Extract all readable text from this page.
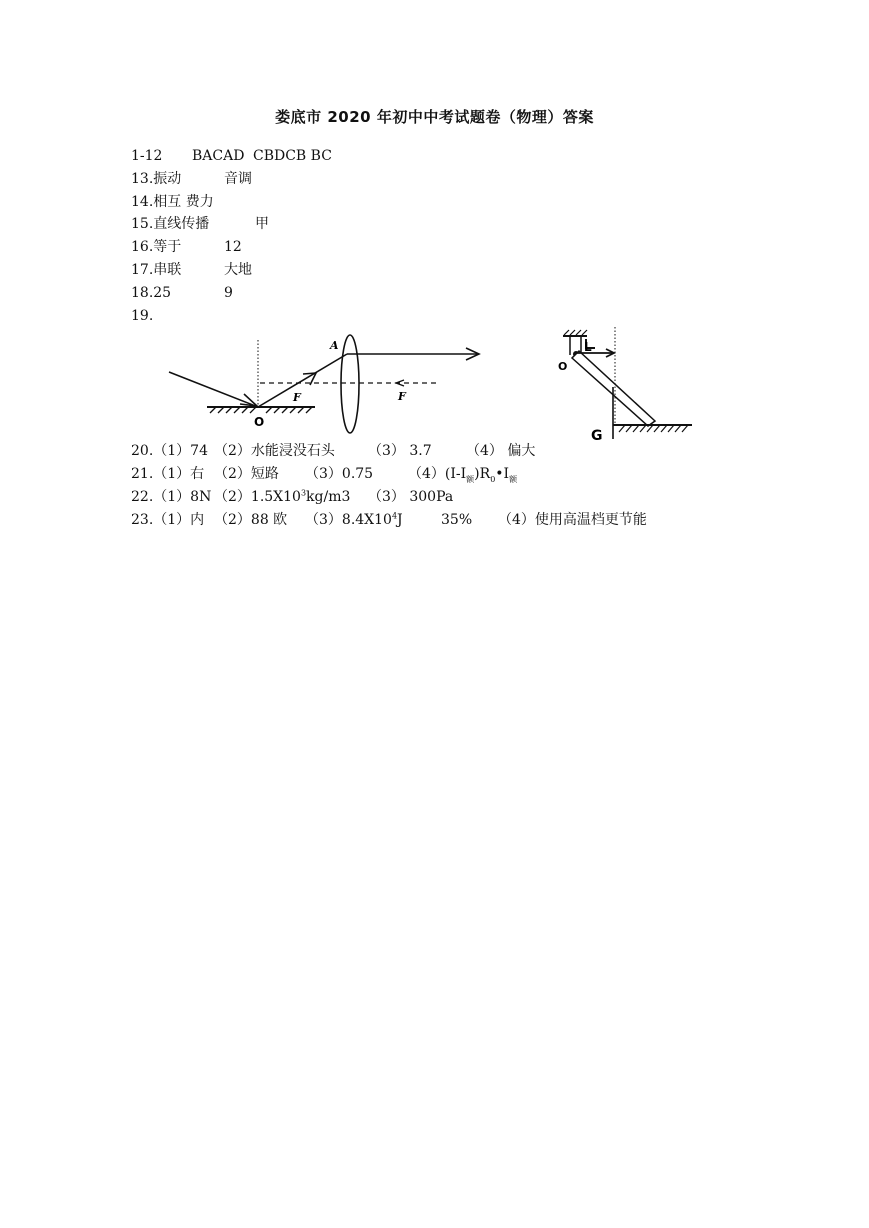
娄底市 2020 年初中中考试题卷（物理）答案
1-12 BACAD CBDCB BC
13.振动	音调
14.相互 费力
15.直线传播	甲
16.等于	12
17.串联	大地
18.25	9
19.
A
O
F	F
O
L
G
20.（1）74 （2）水能浸没石头 （3） 3.7 （4） 偏大
21.（1）右 （2）短路 （3）0.75 $(4)(I-I_额)R_0•I_额$
22.（1）8N $(2)1.5X10^3kg/m3$ （3） 300Pa
23.（1）内 （2）88 欧 $(3)8.4X10^4J$	35% （4）使用高温档更节能
